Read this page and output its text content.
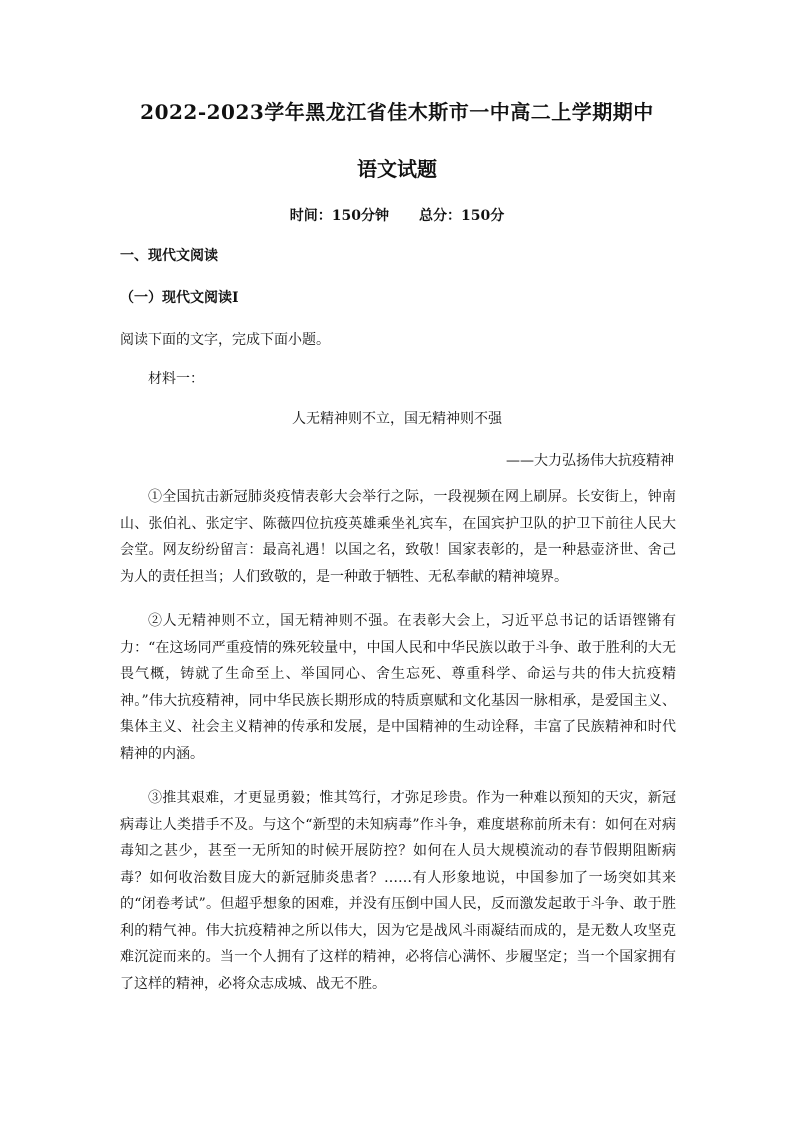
2022-2023学年黑龙江省佳木斯市一中高二上学期期中
语文试题
时间：150分钟 总分：150分
一、现代文阅读
（一）现代文阅读Ⅰ
阅读下面的文字，完成下面小题。
材料一：
人无精神则不立，国无精神则不强
——大力弘扬伟大抗疫精神

①全国抗击新冠肺炎疫情表彰大会举行之际，一段视频在网上刷屏。长安街上，钟南山、张伯礼、张定宇、陈薇四位抗疫英雄乘坐礼宾车，在国宾护卫队的护卫下前往人民大会堂。网友纷纷留言：最高礼遇！以国之名，致敬！国家表彰的，是一种悬壶济世、舍己为人的责任担当；人们致敬的，是一种敢于牺牲、无私奉献的精神境界。

②人无精神则不立，国无精神则不强。在表彰大会上，习近平总书记的话语铿锵有力：“在这场同严重疫情的殊死较量中，中国人民和中华民族以敢于斗争、敢于胜利的大无畏气概，铸就了生命至上、举国同心、舍生忘死、尊重科学、命运与共的伟大抗疫精神。”伟大抗疫精神，同中华民族长期形成的特质禀赋和文化基因一脉相承，是爱国主义、集体主义、社会主义精神的传承和发展，是中国精神的生动诠释，丰富了民族精神和时代精神的内涵。

③推其艰难，才更显勇毅；惟其笃行，才弥足珍贵。作为一种难以预知的天灾，新冠病毒让人类措手不及。与这个“新型的未知病毒”作斗争，难度堪称前所未有：如何在对病毒知之甚少，甚至一无所知的时候开展防控？如何在人员大规模流动的春节假期阻断病毒？如何收治数目庞大的新冠肺炎患者？……有人形象地说，中国参加了一场突如其来的“闭卷考试”。但超乎想象的困难，并没有压倒中国人民，反而激发起敢于斗争、敢于胜利的精气神。伟大抗疫精神之所以伟大，因为它是战风斗雨凝结而成的，是无数人攻坚克难沉淀而来的。当一个人拥有了这样的精神，必将信心满怀、步履坚定；当一个国家拥有了这样的精神，必将众志成城、战无不胜。
